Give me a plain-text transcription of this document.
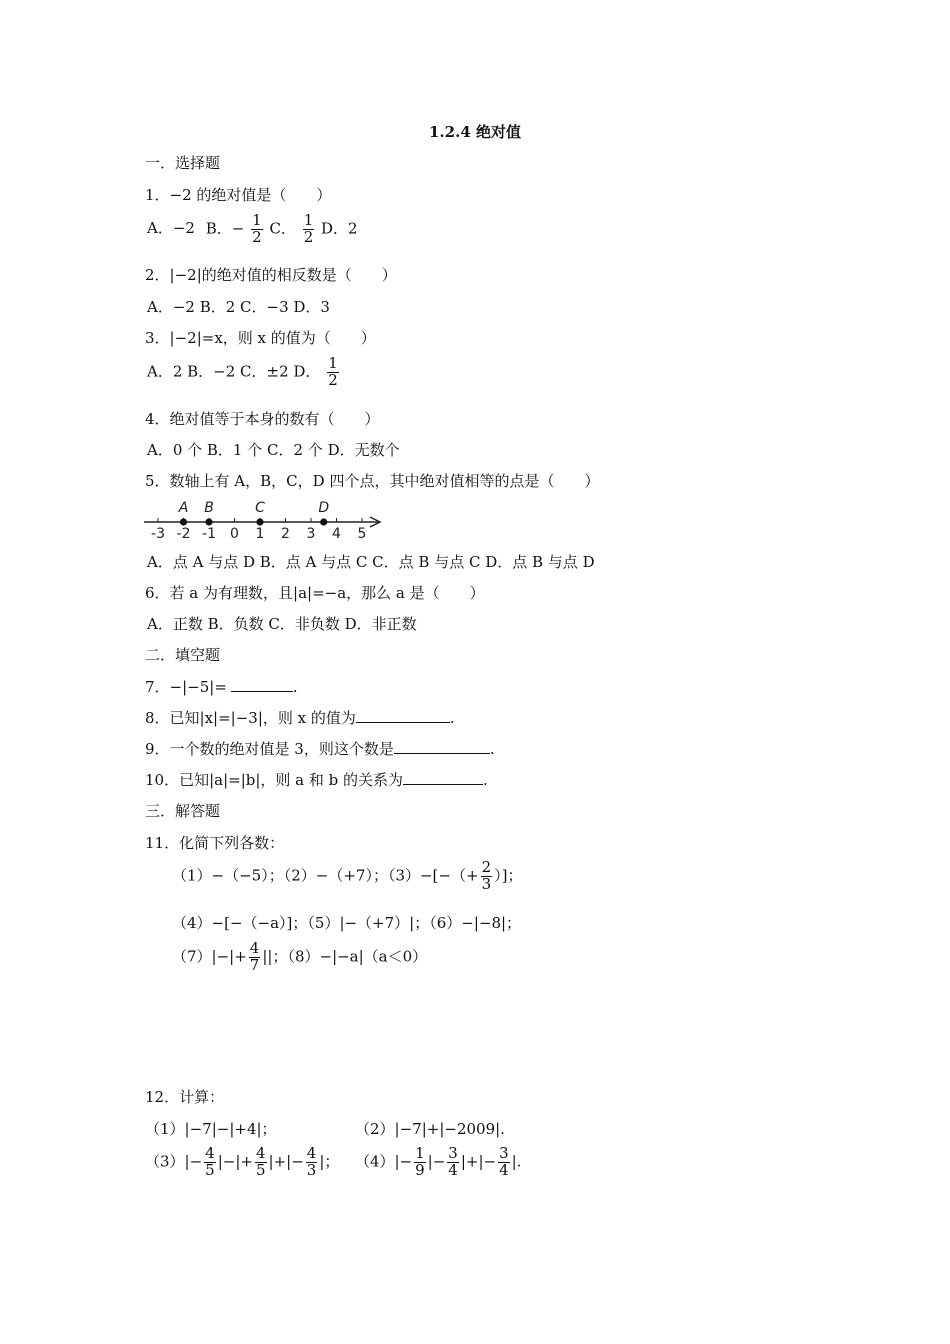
1.2.4 绝对值
一．选择题
1．−2 的绝对值是（　　）
A．−2 B．− $\frac{1}{2}$ C． $\frac{1}{2}$ D．2
2．|−2|的绝对值的相反数是（　　）
A．−2 B．2 C．−3 D．3
3．|−2|=x，则 x 的值为（　　）
A．2 B．−2 C．±2 D． $\frac{1}{2}$
4．绝对值等于本身的数有（　　）
A．0 个 B．1 个 C．2 个 D．无数个
5．数轴上有 A，B，C，D 四个点，其中绝对值相等的点是（　　）
-3 -2 -1 0 1 2 3 4 5
A B	C	D
A．点 A 与点 D B．点 A 与点 C C．点 B 与点 C D．点 B 与点 D
6．若 a 为有理数，且|a|=−a，那么 a 是（　　）
A．正数 B．负数 C．非负数 D．非正数
二．填空题
7．−|−5|=	.
8．已知|x|=|−3|，则 x 的值为	.
9．一个数的绝对值是 3，则这个数是	.
10．已知|a|=|b|，则 a 和 b 的关系为	.
三．解答题
11．化简下列各数：
（1）−（−5）；（2）−（+7）；$(3)-[-(+ \frac{2}{3}$ ）]；
（4）−[−（−a）]；（5）|−（+7）|；（6）−|−8|；
$(7)|-|+ \frac{4}{7}$ ||；（8）−|−a|（a＜0）
12．计算：
（1）|−7|−|+4|；	（2）|−7|+|−2009|.
$(3)|- \frac{4}{5}$ |−|+ $\frac{4}{5}$ |+|− $\frac{4}{3}$ |； $(4)|- \frac{1}{9}$ |− $\frac{3}{4}$ |+|− $\frac{3}{4}$ |.
